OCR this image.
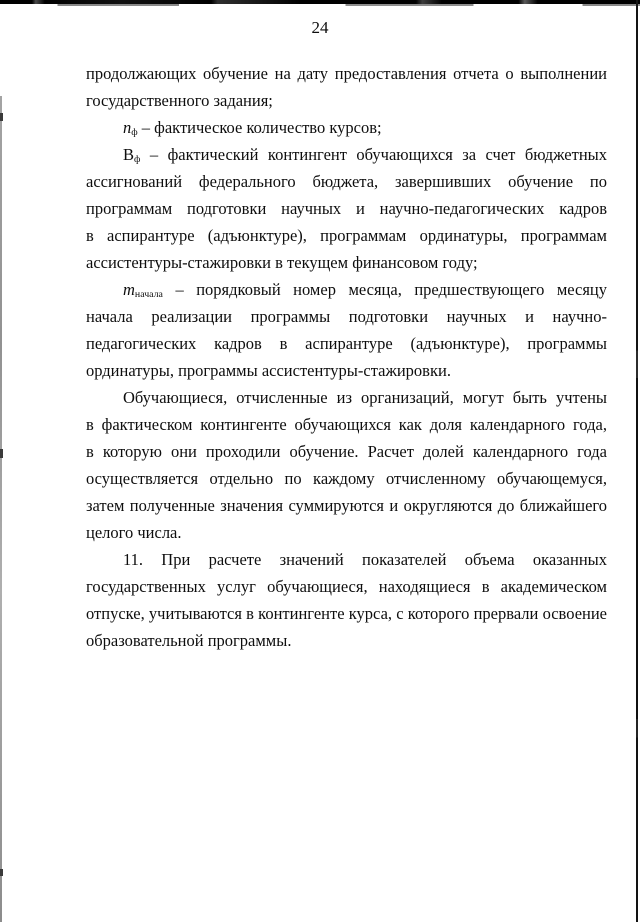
24

продолжающих обучение на дату предоставления отчета о выполнении государственного задания;

$n_ф$ – фактическое количество курсов;

$В_ф$ – фактический контингент обучающихся за счет бюджетных ассигнований федерального бюджета, завершивших обучение по программам подготовки научных и научно-педагогических кадров в аспирантуре (адъюнктуре), программам ординатуры, программам ассистентуры-стажировки в текущем финансовом году;

$m_{начала}$ – порядковый номер месяца, предшествующего месяцу начала реализации программы подготовки научных и научно-педагогических кадров в аспирантуре (адъюнктуре), программы ординатуры, программы ассистентуры-стажировки.

Обучающиеся, отчисленные из организаций, могут быть учтены в фактическом контингенте обучающихся как доля календарного года, в которую они проходили обучение. Расчет долей календарного года осуществляется отдельно по каждому отчисленному обучающемуся, затем полученные значения суммируются и округляются до ближайшего целого числа.

11. При расчете значений показателей объема оказанных государственных услуг обучающиеся, находящиеся в академическом отпуске, учитываются в контингенте курса, с которого прервали освоение образовательной программы.
